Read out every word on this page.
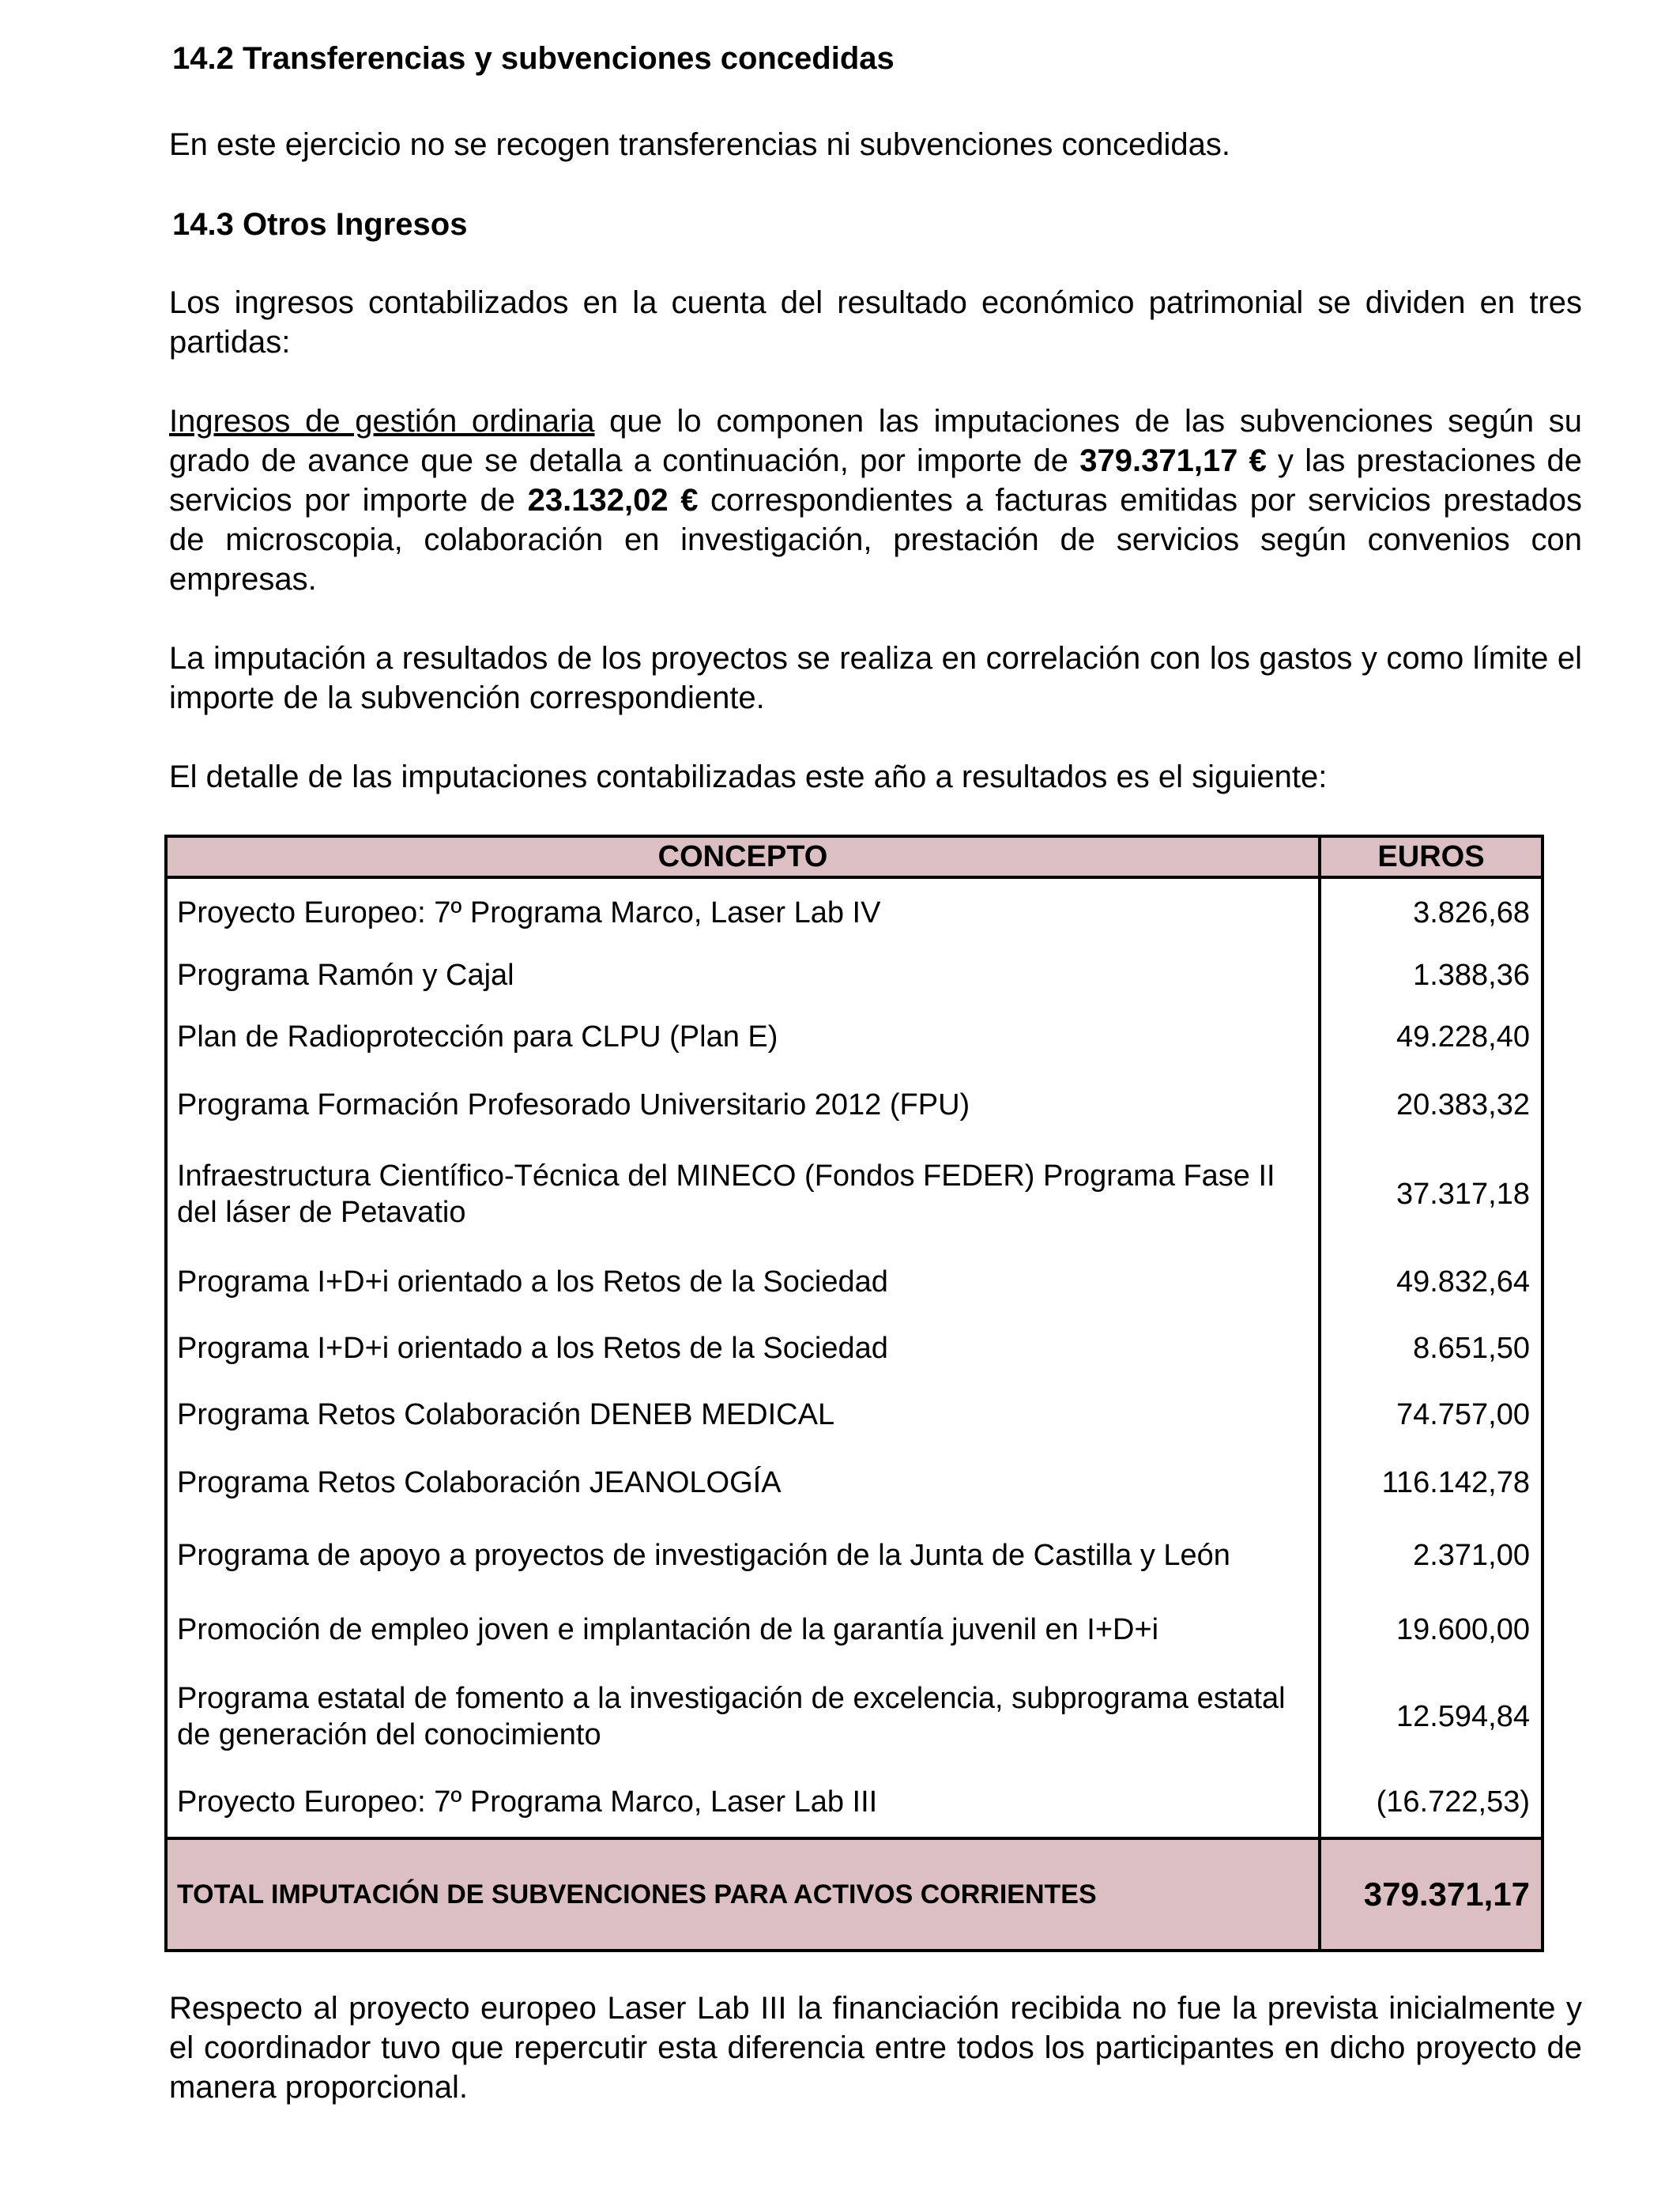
14.2 Transferencias y subvenciones concedidas

En este ejercicio no se recogen transferencias ni subvenciones concedidas.

14.3 Otros Ingresos

Los ingresos contabilizados en la cuenta del resultado económico patrimonial se dividen en tres partidas:

Ingresos de gestión ordinaria que lo componen las imputaciones de las subvenciones según su grado de avance que se detalla a continuación, por importe de 379.371,17 € y las prestaciones de servicios por importe de 23.132,02 € correspondientes a facturas emitidas por servicios prestados de microscopia, colaboración en investigación, prestación de servicios según convenios con empresas.

La imputación a resultados de los proyectos se realiza en correlación con los gastos y como límite el importe de la subvención correspondiente.

El detalle de las imputaciones contabilizadas este año a resultados es el siguiente:

CONCEPTO	EUROS
Proyecto Europeo: 7º Programa Marco, Laser Lab IV	3.826,68
Programa Ramón y Cajal	1.388,36
Plan de Radioprotección para CLPU (Plan E)	49.228,40
Programa Formación Profesorado Universitario 2012 (FPU)	20.383,32
Infraestructura Científico-Técnica del MINECO (Fondos FEDER) Programa Fase II del láser de Petavatio	37.317,18
Programa I+D+i orientado a los Retos de la Sociedad	49.832,64
Programa I+D+i orientado a los Retos de la Sociedad	8.651,50
Programa Retos Colaboración DENEB MEDICAL	74.757,00
Programa Retos Colaboración JEANOLOGÍA	116.142,78
Programa de apoyo a proyectos de investigación de la Junta de Castilla y León	2.371,00
Promoción de empleo joven e implantación de la garantía juvenil en I+D+i	19.600,00
Programa estatal de fomento a la investigación de excelencia, subprograma estatal de generación del conocimiento	12.594,84
Proyecto Europeo: 7º Programa Marco, Laser Lab III	(16.722,53)
TOTAL IMPUTACIÓN DE SUBVENCIONES PARA ACTIVOS CORRIENTES	379.371,17

Respecto al proyecto europeo Laser Lab III la financiación recibida no fue la prevista inicialmente y el coordinador tuvo que repercutir esta diferencia entre todos los participantes en dicho proyecto de manera proporcional.
